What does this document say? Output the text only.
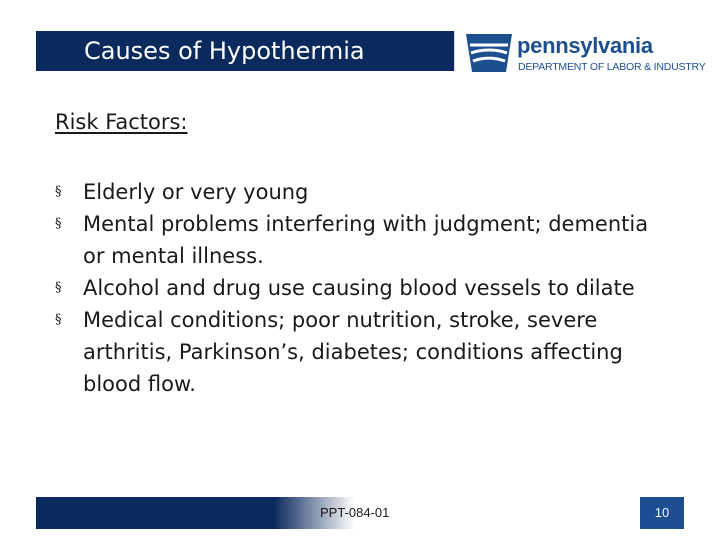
Causes of Hypothermia	pennsylvania
DEPARTMENT OF LABOR & INDUSTRY
Risk Factors:
§ Elderly or very young
§ Mental problems interfering with judgment; dementia or mental illness.
§ Alcohol and drug use causing blood vessels to dilate
§ Medical conditions; poor nutrition, stroke, severe arthritis, Parkinson’s, diabetes; conditions affecting blood flow.
PPT-084-01	10
